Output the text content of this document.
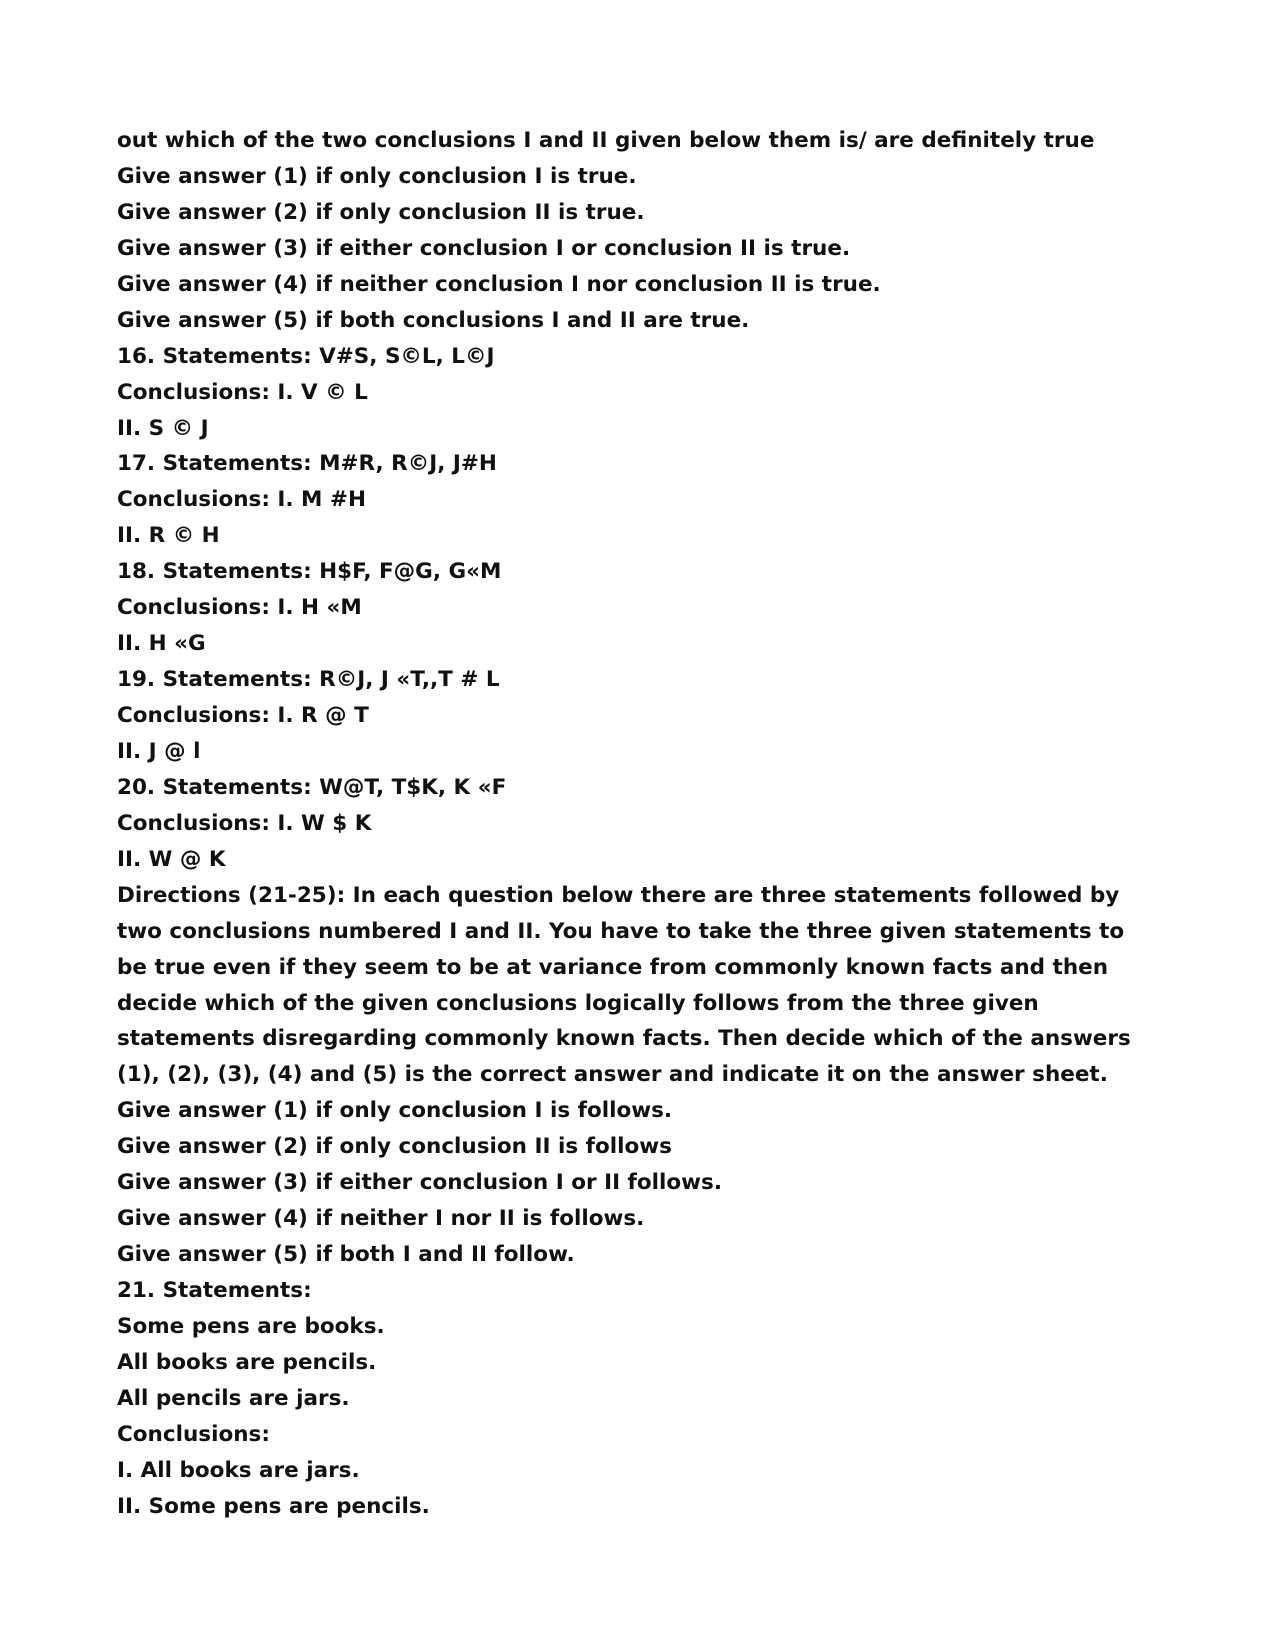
out which of the two conclusions I and II given below them is/ are definitely true

Give answer (1) if only conclusion I is true.

Give answer (2) if only conclusion II is true.

Give answer (3) if either conclusion I or conclusion II is true.

Give answer (4) if neither conclusion I nor conclusion II is true.

Give answer (5) if both conclusions I and II are true.

16. Statements: V#S, S©L, L©J

Conclusions: I. V © L

II. S © J

17. Statements: M#R, R©J, J#H

Conclusions: I. M #H

II. R © H

18. Statements: H$F, F@G, G«M

Conclusions: I. H «M

II. H «G

19. Statements: R©J, J «T,,T # L

Conclusions: I. R @ T

II. J @ l

20. Statements: W@T, T$K, K «F

Conclusions: I. W $ K

II. W @ K

Directions (21-25): In each question below there are three statements followed by

two conclusions numbered I and II. You have to take the three given statements to

be true even if they seem to be at variance from commonly known facts and then

decide which of the given conclusions logically follows from the three given

statements disregarding commonly known facts. Then decide which of the answers

(1), (2), (3), (4) and (5) is the correct answer and indicate it on the answer sheet.

Give answer (1) if only conclusion I is follows.

Give answer (2) if only conclusion II is follows

Give answer (3) if either conclusion I or II follows.

Give answer (4) if neither I nor II is follows.

Give answer (5) if both I and II follow.

21. Statements:

Some pens are books.

All books are pencils.

All pencils are jars.

Conclusions:

I. All books are jars.

II. Some pens are pencils.
